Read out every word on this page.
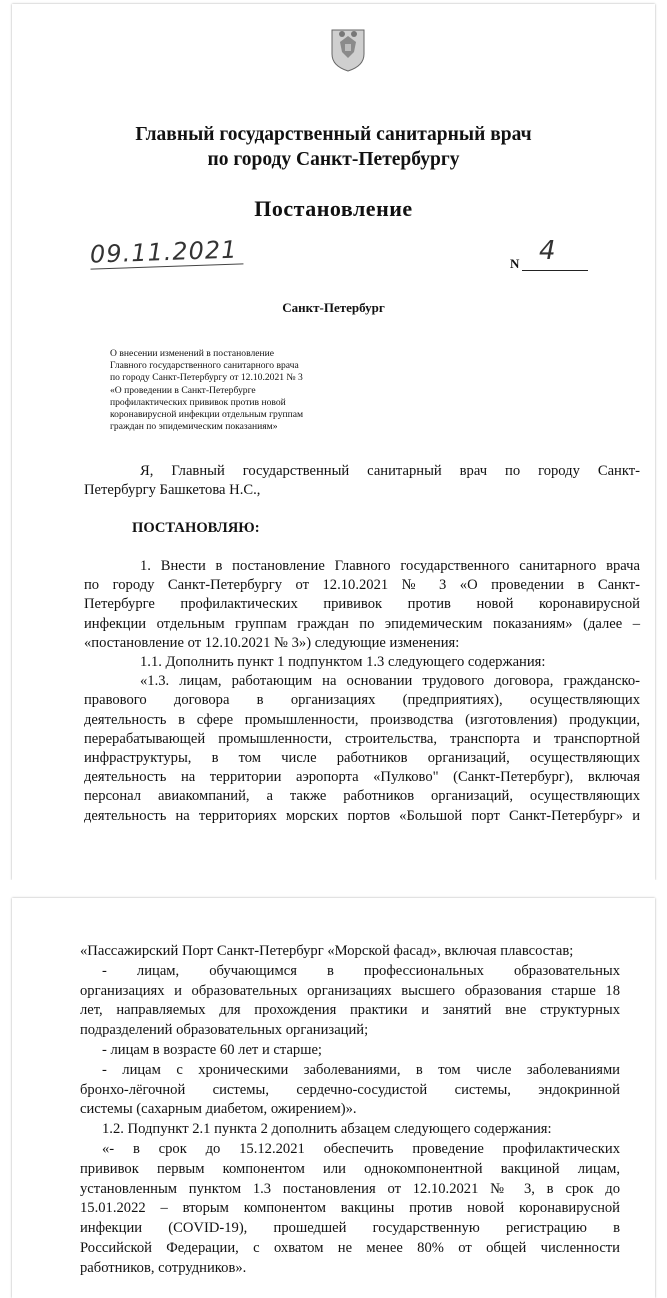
Главный государственный санитарный врач
по городу Санкт-Петербургу
Постановление
09.11.2021	N 4
Санкт-Петербург
О внесении изменений в постановление
Главного государственного санитарного врача
по городу Санкт-Петербургу от 12.10.2021 № 3
«О проведении в Санкт-Петербурге
профилактических прививок против новой
коронавирусной инфекции отдельным группам
граждан по эпидемическим показаниям»
Я, Главный государственный санитарный врач по городу Санкт-
Петербургу Башкетова Н.С.,
ПОСТАНОВЛЯЮ:
1. Внести в постановление Главного государственного санитарного врача
по городу Санкт-Петербургу от 12.10.2021 № 3 «О проведении в Санкт-
Петербурге профилактических прививок против новой коронавирусной
инфекции отдельным группам граждан по эпидемическим показаниям» (далее –
«постановление от 12.10.2021 № 3») следующие изменения:
1.1. Дополнить пункт 1 подпунктом 1.3 следующего содержания:
«1.3. лицам, работающим на основании трудового договора, гражданско-
правового договора в организациях (предприятиях), осуществляющих
деятельность в сфере промышленности, производства (изготовления) продукции,
перерабатывающей промышленности, строительства, транспорта и транспортной
инфраструктуры, в том числе работников организаций, осуществляющих
деятельность на территории аэропорта «Пулково" (Санкт-Петербург), включая
персонал авиакомпаний, а также работников организаций, осуществляющих
деятельность на территориях морских портов «Большой порт Санкт-Петербург» и
«Пассажирский Порт Санкт-Петербург «Морской фасад», включая плавсостав;
- лицам, обучающимся в профессиональных образовательных
организациях и образовательных организациях высшего образования старше 18
лет, направляемых для прохождения практики и занятий вне структурных
подразделений образовательных организаций;
- лицам в возрасте 60 лет и старше;
- лицам с хроническими заболеваниями, в том числе заболеваниями
бронхо-лёгочной системы, сердечно-сосудистой системы, эндокринной
системы (сахарным диабетом, ожирением)».
1.2. Подпункт 2.1 пункта 2 дополнить абзацем следующего содержания:
«- в срок до 15.12.2021 обеспечить проведение профилактических
прививок первым компонентом или однокомпонентной вакциной лицам,
установленным пунктом 1.3 постановления от 12.10.2021 № 3, в срок до
15.01.2022 – вторым компонентом вакцины против новой коронавирусной
инфекции (COVID-19), прошедшей государственную регистрацию в
Российской Федерации, с охватом не менее 80% от общей численности
работников, сотрудников».
